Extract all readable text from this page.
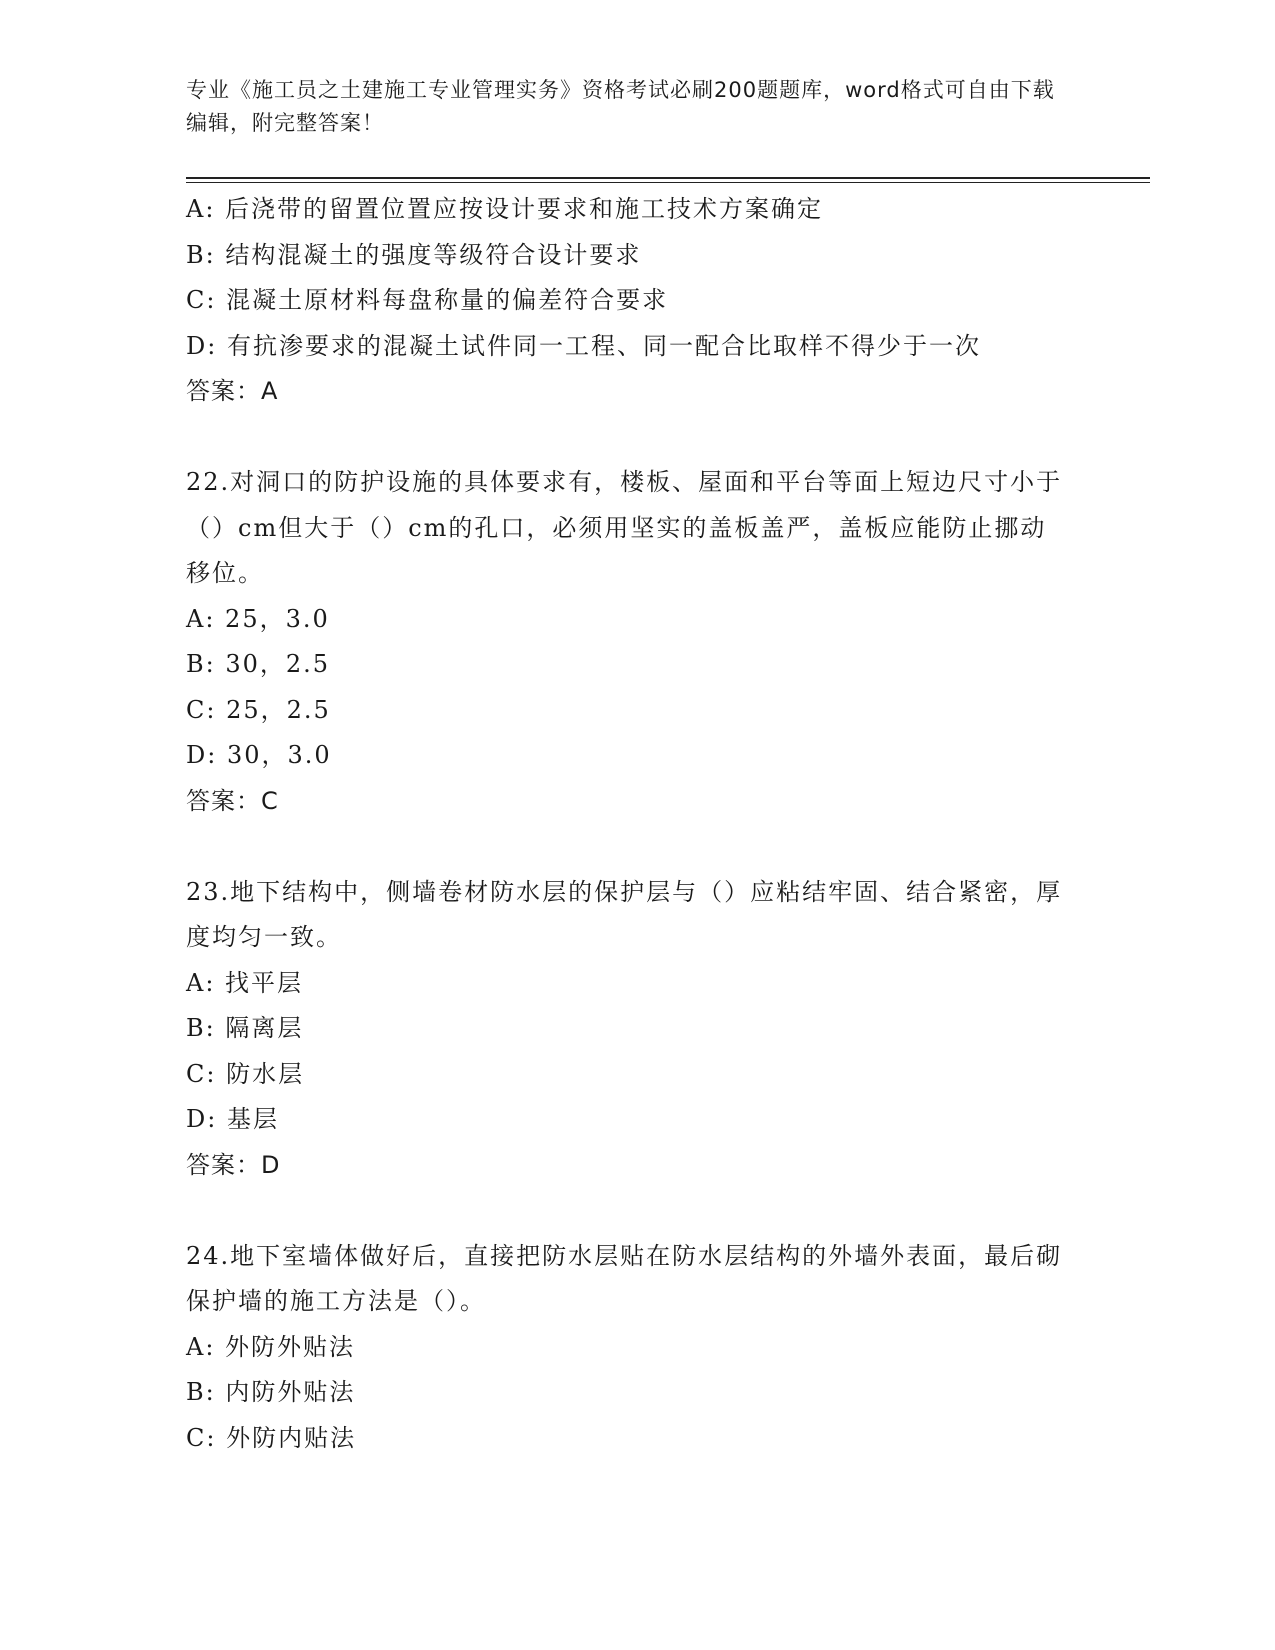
专业《施工员之土建施工专业管理实务》资格考试必刷200题题库，word格式可自由下载编辑，附完整答案！
A: 后浇带的留置位置应按设计要求和施工技术方案确定
B: 结构混凝土的强度等级符合设计要求
C: 混凝土原材料每盘称量的偏差符合要求
D: 有抗渗要求的混凝土试件同一工程、同一配合比取样不得少于一次
答案：A
22.对洞口的防护设施的具体要求有，楼板、屋面和平台等面上短边尺寸小于（）cm但大于（）cm的孔口，必须用坚实的盖板盖严，盖板应能防止挪动移位。
A: 25，3.0
B: 30，2.5
C: 25，2.5
D: 30，3.0
答案：C
23.地下结构中，侧墙卷材防水层的保护层与（）应粘结牢固、结合紧密，厚度均匀一致。
A: 找平层
B: 隔离层
C: 防水层
D: 基层
答案：D
24.地下室墙体做好后，直接把防水层贴在防水层结构的外墙外表面，最后砌保护墙的施工方法是（）。
A: 外防外贴法
B: 内防外贴法
C: 外防内贴法
